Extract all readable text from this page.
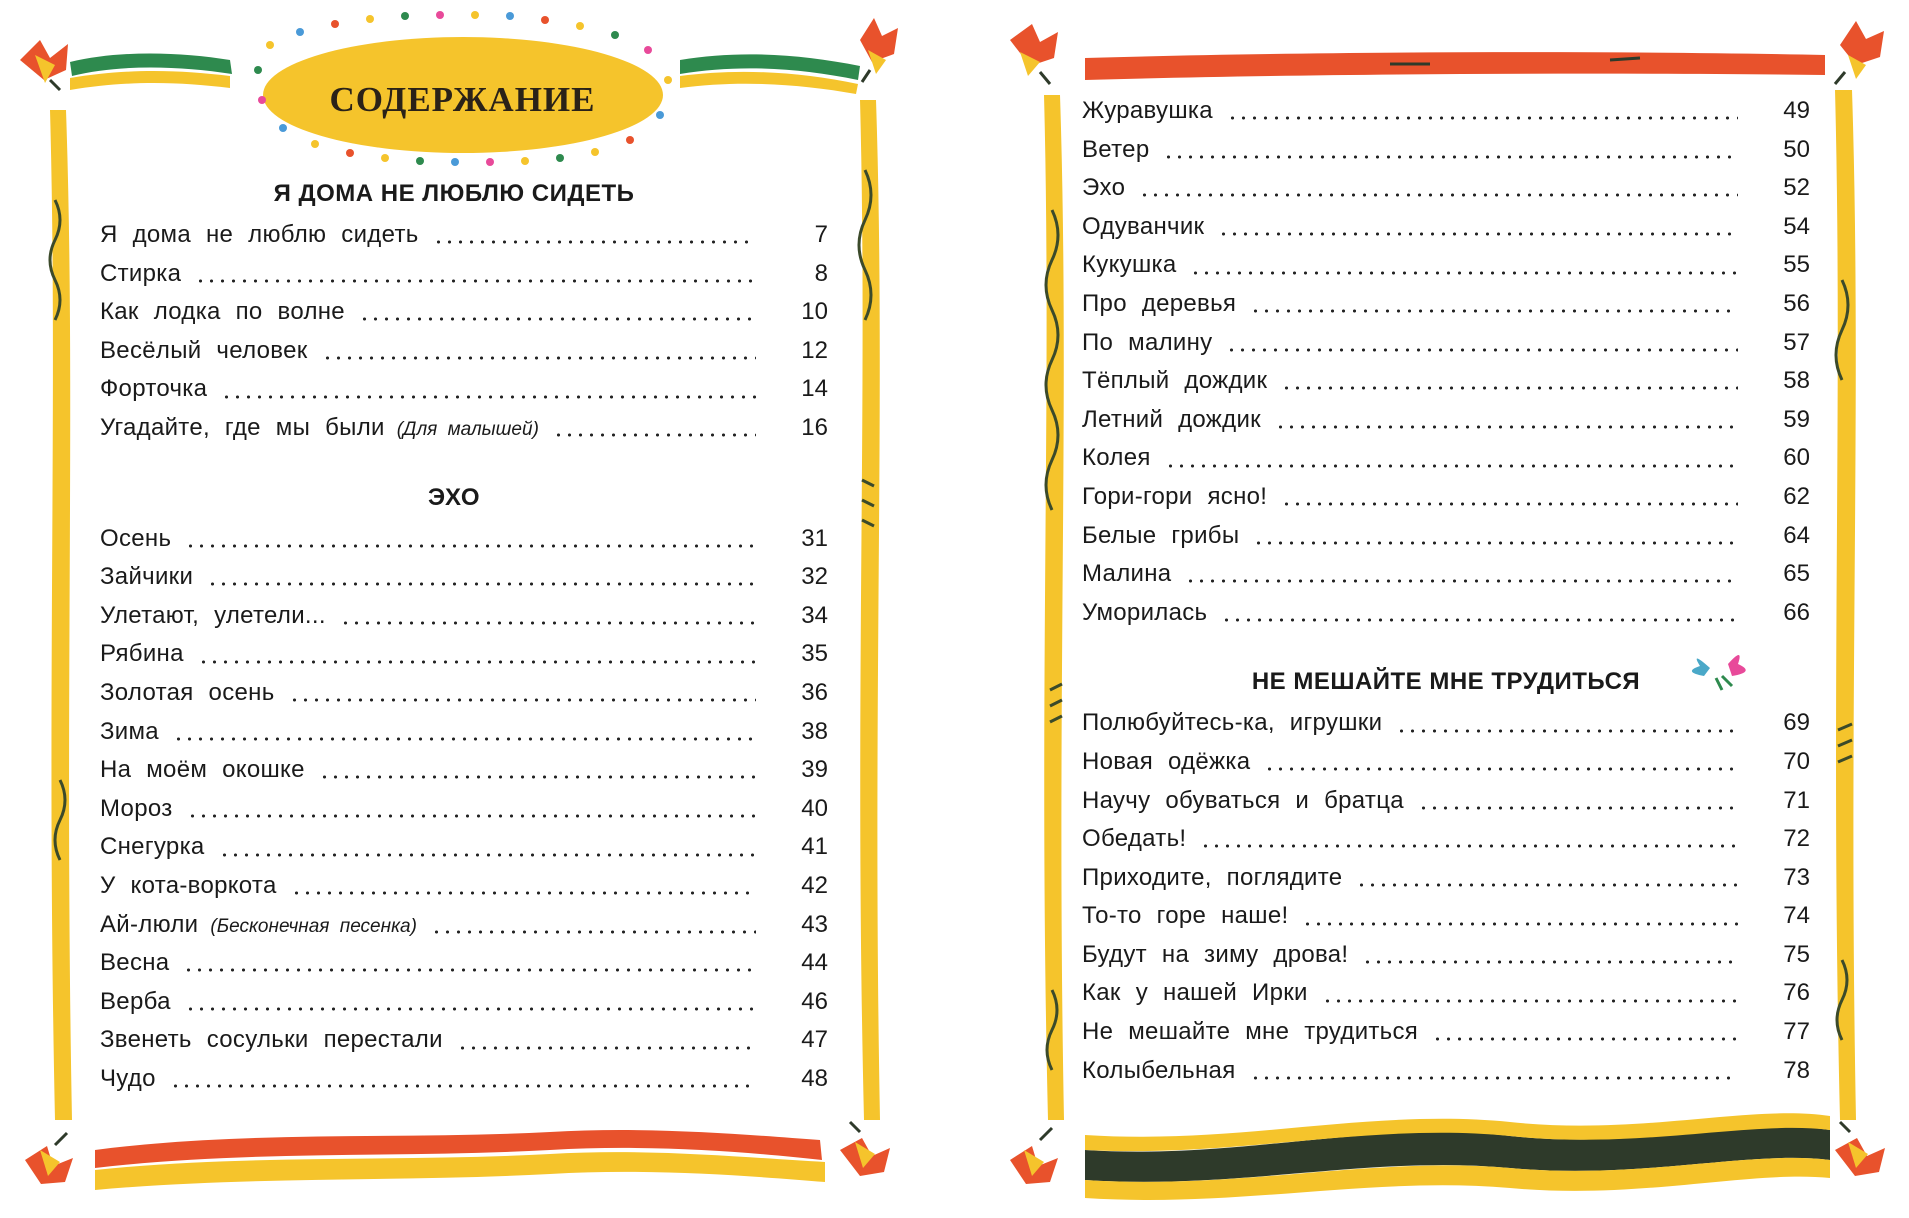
СОДЕРЖАНИЕ
Я ДОМА НЕ ЛЮБЛЮ СИДЕТЬ
Я дома не люблю сидеть	7
Стирка	8
Как лодка по волне	10
Весёлый человек	12
Форточка	14
Угадайте, где мы были (Для малышей)	16
ЭХО
Осень	31
Зайчики	32
Улетают, улетели...	34
Рябина	35
Золотая осень	36
Зима	38
На моём окошке	39
Мороз	40
Снегурка	41
У кота-воркота	42
Ай-люли (Бесконечная песенка)	43
Весна	44
Верба	46
Звенеть сосульки перестали	47
Чудо	48
Журавушка	49
Ветер	50
Эхо	52
Одуванчик	54
Кукушка	55
Про деревья	56
По малину	57
Тёплый дождик	58
Летний дождик	59
Колея	60
Гори-гори ясно!	62
Белые грибы	64
Малина	65
Уморилась	66
НЕ МЕШАЙТЕ МНЕ ТРУДИТЬСЯ
Полюбуйтесь-ка, игрушки	69
Новая одёжка	70
Научу обуваться и братца	71
Обедать!	72
Приходите, поглядите	73
То-то горе наше!	74
Будут на зиму дрова!	75
Как у нашей Ирки	76
Не мешайте мне трудиться	77
Колыбельная	78
